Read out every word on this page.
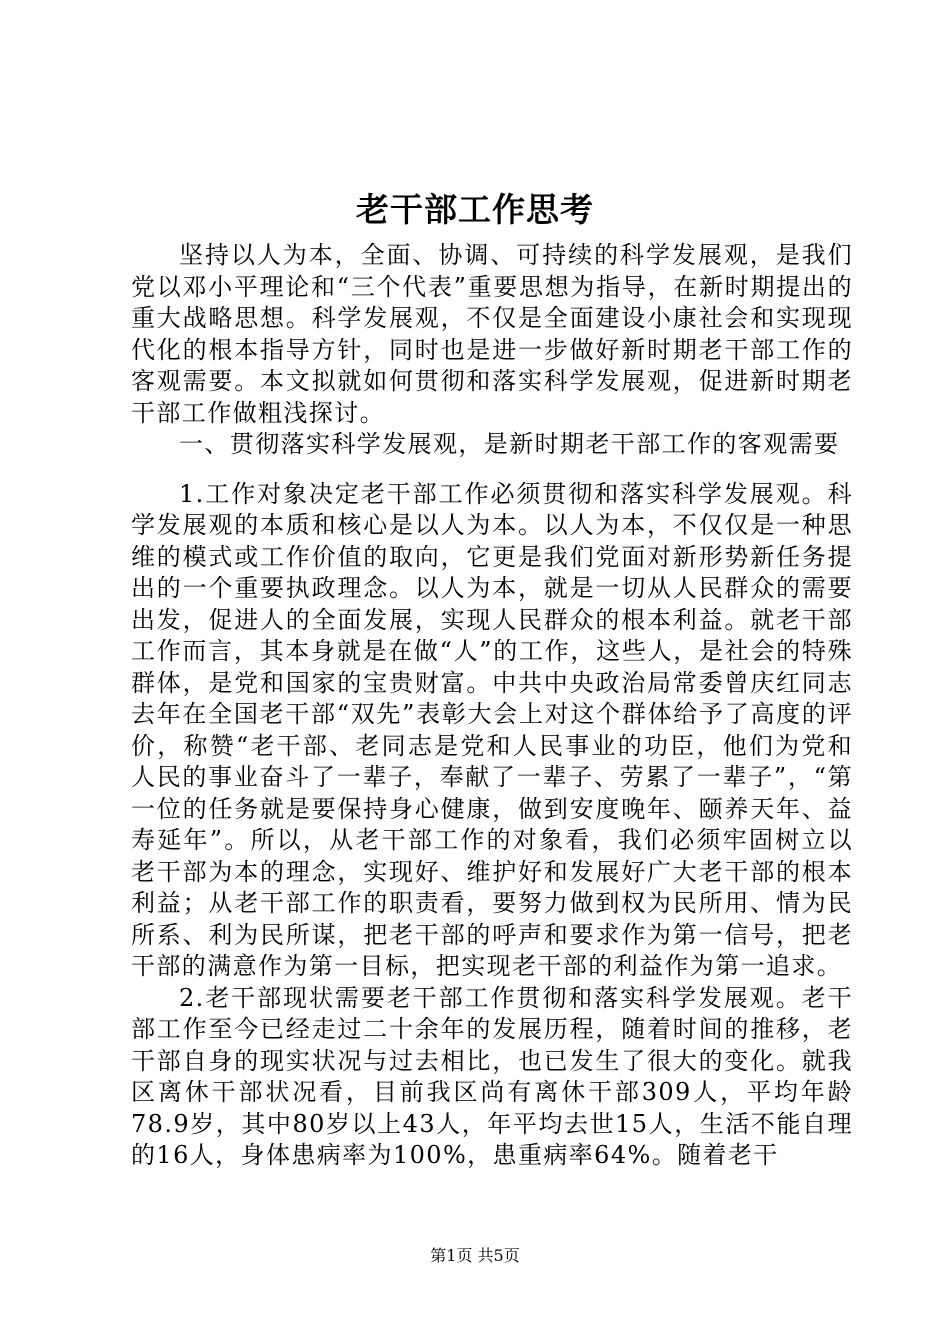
老干部工作思考

坚持以人为本，全面、协调、可持续的科学发展观，是我们党以邓小平理论和“三个代表”重要思想为指导，在新时期提出的重大战略思想。科学发展观，不仅是全面建设小康社会和实现现代化的根本指导方针，同时也是进一步做好新时期老干部工作的客观需要。本文拟就如何贯彻和落实科学发展观，促进新时期老干部工作做粗浅探讨。

一、贯彻落实科学发展观，是新时期老干部工作的客观需要

1.工作对象决定老干部工作必须贯彻和落实科学发展观。科学发展观的本质和核心是以人为本。以人为本，不仅仅是一种思维的模式或工作价值的取向，它更是我们党面对新形势新任务提出的一个重要执政理念。以人为本，就是一切从人民群众的需要出发，促进人的全面发展，实现人民群众的根本利益。就老干部工作而言，其本身就是在做“人”的工作，这些人，是社会的特殊群体，是党和国家的宝贵财富。中共中央政治局常委曾庆红同志去年在全国老干部“双先”表彰大会上对这个群体给予了高度的评价，称赞“老干部、老同志是党和人民事业的功臣，他们为党和人民的事业奋斗了一辈子，奉献了一辈子、劳累了一辈子”，“第一位的任务就是要保持身心健康，做到安度晚年、颐养天年、益寿延年”。所以，从老干部工作的对象看，我们必须牢固树立以老干部为本的理念，实现好、维护好和发展好广大老干部的根本利益；从老干部工作的职责看，要努力做到权为民所用、情为民所系、利为民所谋，把老干部的呼声和要求作为第一信号，把老干部的满意作为第一目标，把实现老干部的利益作为第一追求。

2.老干部现状需要老干部工作贯彻和落实科学发展观。老干部工作至今已经走过二十余年的发展历程，随着时间的推移，老干部自身的现实状况与过去相比，也已发生了很大的变化。就我区离休干部状况看，目前我区尚有离休干部309人，平均年龄78.9岁，其中80岁以上43人，年平均去世15人，生活不能自理的16人，身体患病率为100%，患重病率64%。随着老干

第1页 共5页
